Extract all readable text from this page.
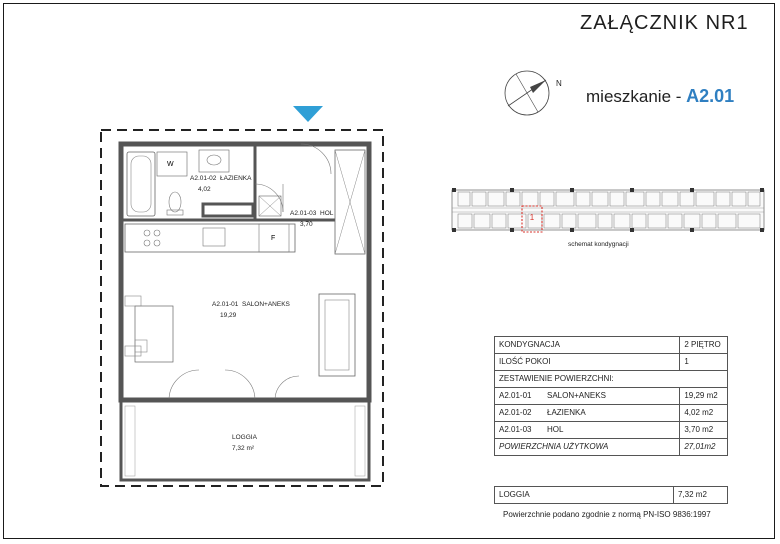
ZAŁĄCZNIK NR1
N
mieszkanie - A2.01
1
schemat kondygnacji
W
F
A2.01-02 ŁAZIENKA
4,02
A2.01-03 HOL
3,70
A2.01-01 SALON+ANEKS
19,29
LOGGIA
7,32 m²
KONDYGNACJA		2 PIĘTRO
ILOŚĆ POKOI		1
ZESTAWIENIE POWIERZCHNI:		
A2.01-01	SALON+ANEKS	19,29 m2
A2.01-02	ŁAZIENKA	4,02 m2
A2.01-03	HOL	3,70 m2
POWIERZCHNIA UŻYTKOWA		27,01m2
LOGGIA	7,32 m2
Powierzchnie podano zgodnie z normą PN-ISO 9836:1997
